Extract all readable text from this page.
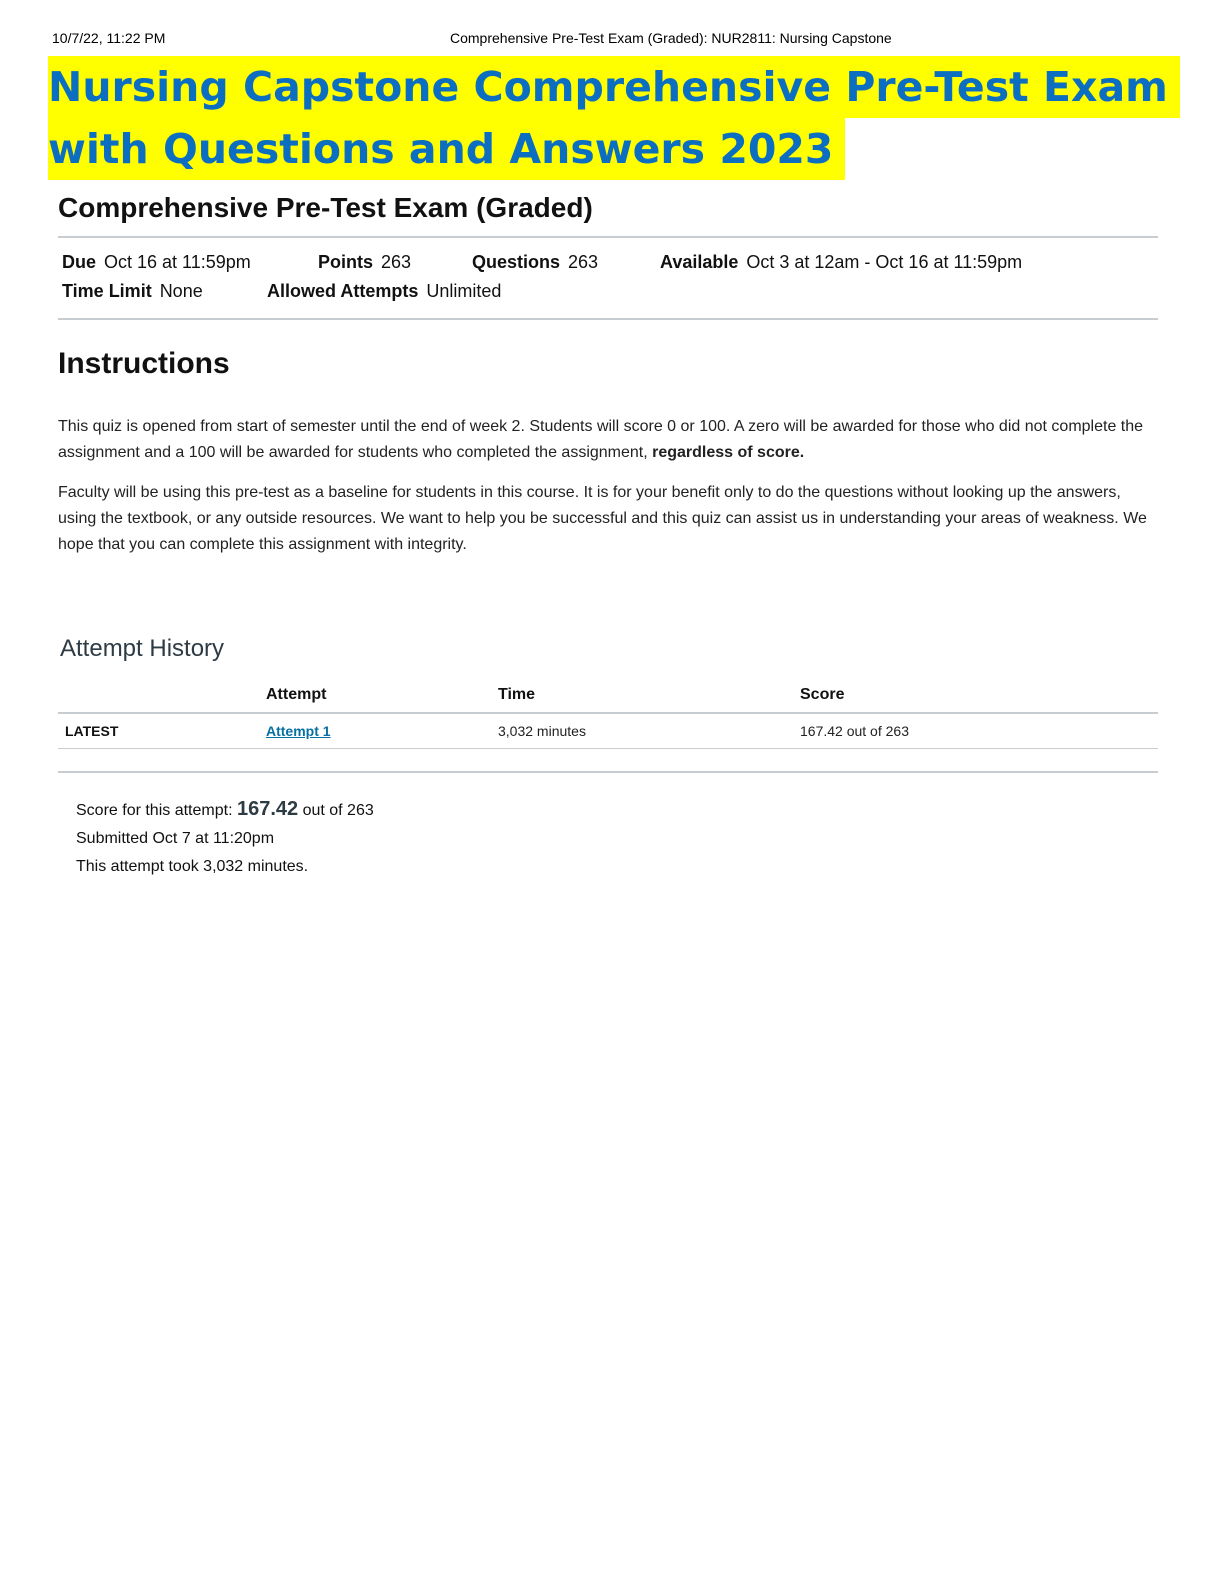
10/7/22, 11:22 PM	Comprehensive Pre-Test Exam (Graded): NUR2811: Nursing Capstone
Nursing Capstone Comprehensive Pre-Test Exam
with Questions and Answers 2023
Comprehensive Pre-Test Exam (Graded)
Due Oct 16 at 11:59pm	Points 263	Questions 263	Available Oct 3 at 12am - Oct 16 at 11:59pm
Time Limit None	Allowed Attempts Unlimited
Instructions

This quiz is opened from start of semester until the end of week 2. Students will score 0 or 100. A zero will be awarded for those who did not complete the assignment and a 100 will be awarded for students who completed the assignment, regardless of score.

Faculty will be using this pre-test as a baseline for students in this course. It is for your benefit only to do the questions without looking up the answers, using the textbook, or any outside resources. We want to help you be successful and this quiz can assist us in understanding your areas of weakness. We hope that you can complete this assignment with integrity.

Attempt History
	Attempt	Time	Score
LATEST	Attempt 1	3,032 minutes	167.42 out of 263
Score for this attempt: 167.42 out of 263
Submitted Oct 7 at 11:20pm
This attempt took 3,032 minutes.
